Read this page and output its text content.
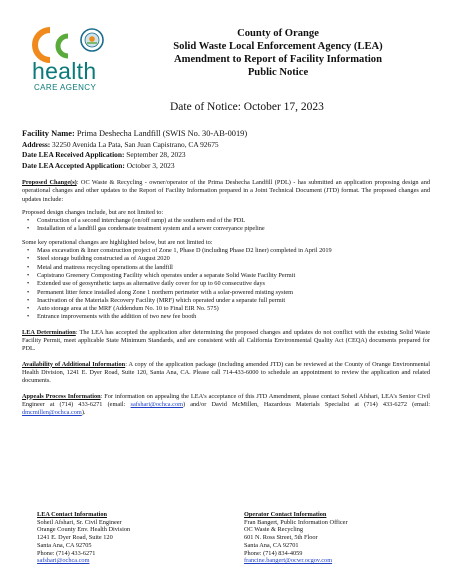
health
CARE AGENCY
County of Orange
Solid Waste Local Enforcement Agency (LEA)
Amendment to Report of Facility Information
Public Notice
Date of Notice: October 17, 2023
Facility Name: Prima Deshecha Landfill (SWIS No. 30-AB-0019)
Address: 32250 Avenida La Pata, San Juan Capistrano, CA 92675
Date LEA Received Application: September 28, 2023
Date LEA Accepted Application: October 3, 2023

Proposed Change(s): OC Waste & Recycling - owner/operator of the Prima Deshecha Landfill (PDL) - has submitted an application proposing design and operational changes and other updates to the Report of Facility Information prepared in a Joint Technical Document (JTD) format. The proposed changes and updates include:

Proposed design changes include, but are not limited to:

• Construction of a second interchange (on/off ramp) at the southern end of the PDL
• Installation of a landfill gas condensate treatment system and a sewer conveyance pipeline

Some key operational changes are highlighted below, but are not limited to:

• Mass excavation & liner construction project of Zone 1, Phase D (including Phase D2 liner) completed in April 2019
• Steel storage building constructed as of August 2020
• Metal and mattress recycling operations at the landfill
• Capistrano Greenery Composting Facility which operates under a separate Solid Waste Facility Permit
• Extended use of geosynthetic tarps as alternative daily cover for up to 60 consecutive days
• Permanent litter fence installed along Zone 1 northern perimeter with a solar-powered misting system
• Inactivation of the Materials Recovery Facility (MRF) which operated under a separate full permit
• Auto storage area at the MRF (Addendum No. 10 to Final EIR No. 575)
• Entrance improvements with the addition of two new fee booth

LEA Determination: The LEA has accepted the application after determining the proposed changes and updates do not conflict with the existing Solid Waste Facility Permit, meet applicable State Minimum Standards, and are consistent with all California Environmental Quality Act (CEQA) documents prepared for PDL.

Availability of Additional Information: A copy of the application package (including amended JTD) can be reviewed at the County of Orange Environmental Health Division, 1241 E. Dyer Road, Suite 120, Santa Ana, CA. Please call 714-433-6000 to schedule an appointment to review the application and related documents.

Appeals Process Information: For information on appealing the LEA's acceptance of this JTD Amendment, please contact Soheil Afshari, LEA's Senior Civil Engineer at (714) 433-6271 (email: safshari@ochca.com) and/or David McMillen, Hazardous Materials Specialist at (714) 433-6272 (email: dmcmillen@ochca.com).

LEA Contact Information
Soheil Afshari, Sr. Civil Engineer
Orange County Env. Health Division
1241 E. Dyer Road, Suite 120
Santa Ana, CA 92705
Phone: (714) 433-6271
safshari@ochca.com
Operator Contact Information
Fran Bangert, Public Information Officer
OC Waste & Recycling
601 N. Ross Street, 5th Floor
Santa Ana, CA 92701
Phone: (714) 834-4059
francine.bangert@ocwr.ocgov.com
